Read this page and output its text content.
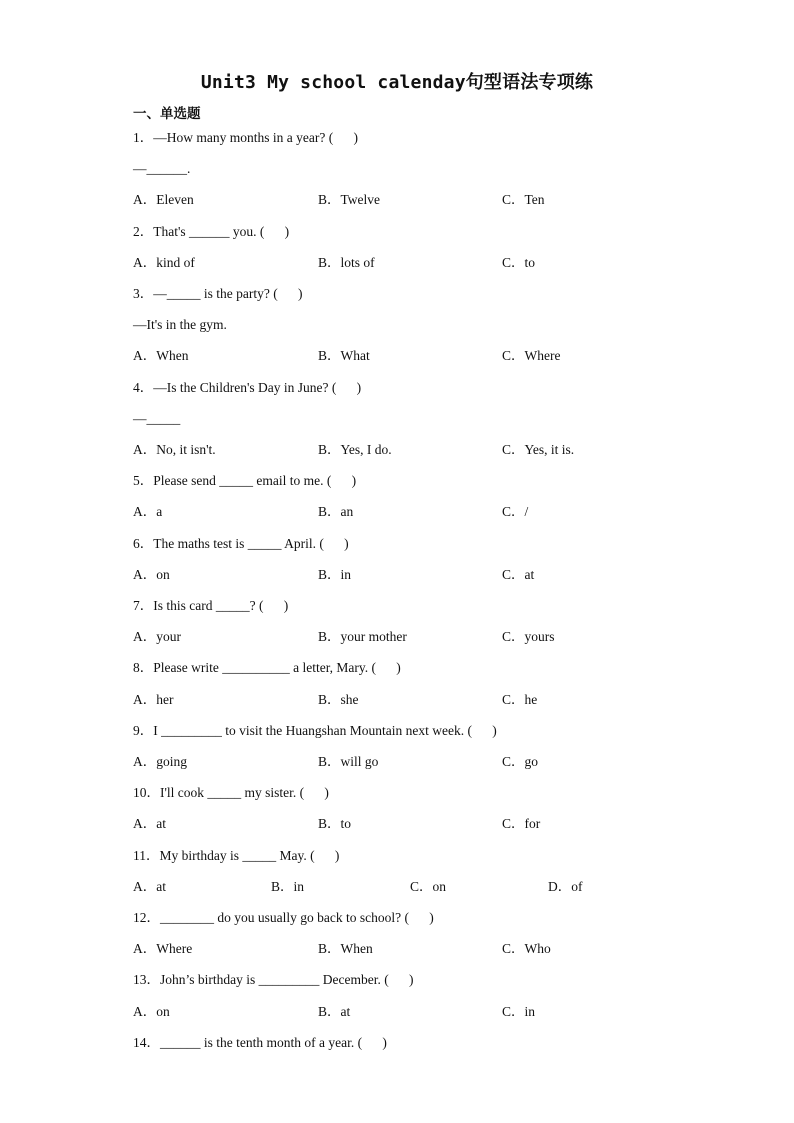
Unit3 My school calenday句型语法专项练
一、单选题
1．—How many months in a year? (      )
—______.
A．Eleven	B．Twelve	C．Ten
2．That's ______ you. (      )
A．kind of	B．lots of	C．to
3．—_____ is the party? (      )
—It's in the gym.
A．When	B．What	C．Where
4．—Is the Children's Day in June? (      )
—_____
A．No, it isn't.	B．Yes, I do.	C．Yes, it is.
5．Please send _____ email to me. (      )
A．a	B．an	C．/
6．The maths test is _____ April. (      )
A．on	B．in	C．at
7．Is this card _____? (      )
A．your	B．your mother	C．yours
8．Please write __________ a letter, Mary. (      )
A．her	B．she	C．he
9．I _________ to visit the Huangshan Mountain next week. (      )
A．going	B．will go	C．go
10．I'll cook _____ my sister. (      )
A．at	B．to	C．for
11．My birthday is _____ May. (      )
A．at	B．in	C．on	D．of
12．________ do you usually go back to school? (      )
A．Where	B．When	C．Who
13．John’s birthday is _________ December. (      )
A．on	B．at	C．in
14．______ is the tenth month of a year. (      )
